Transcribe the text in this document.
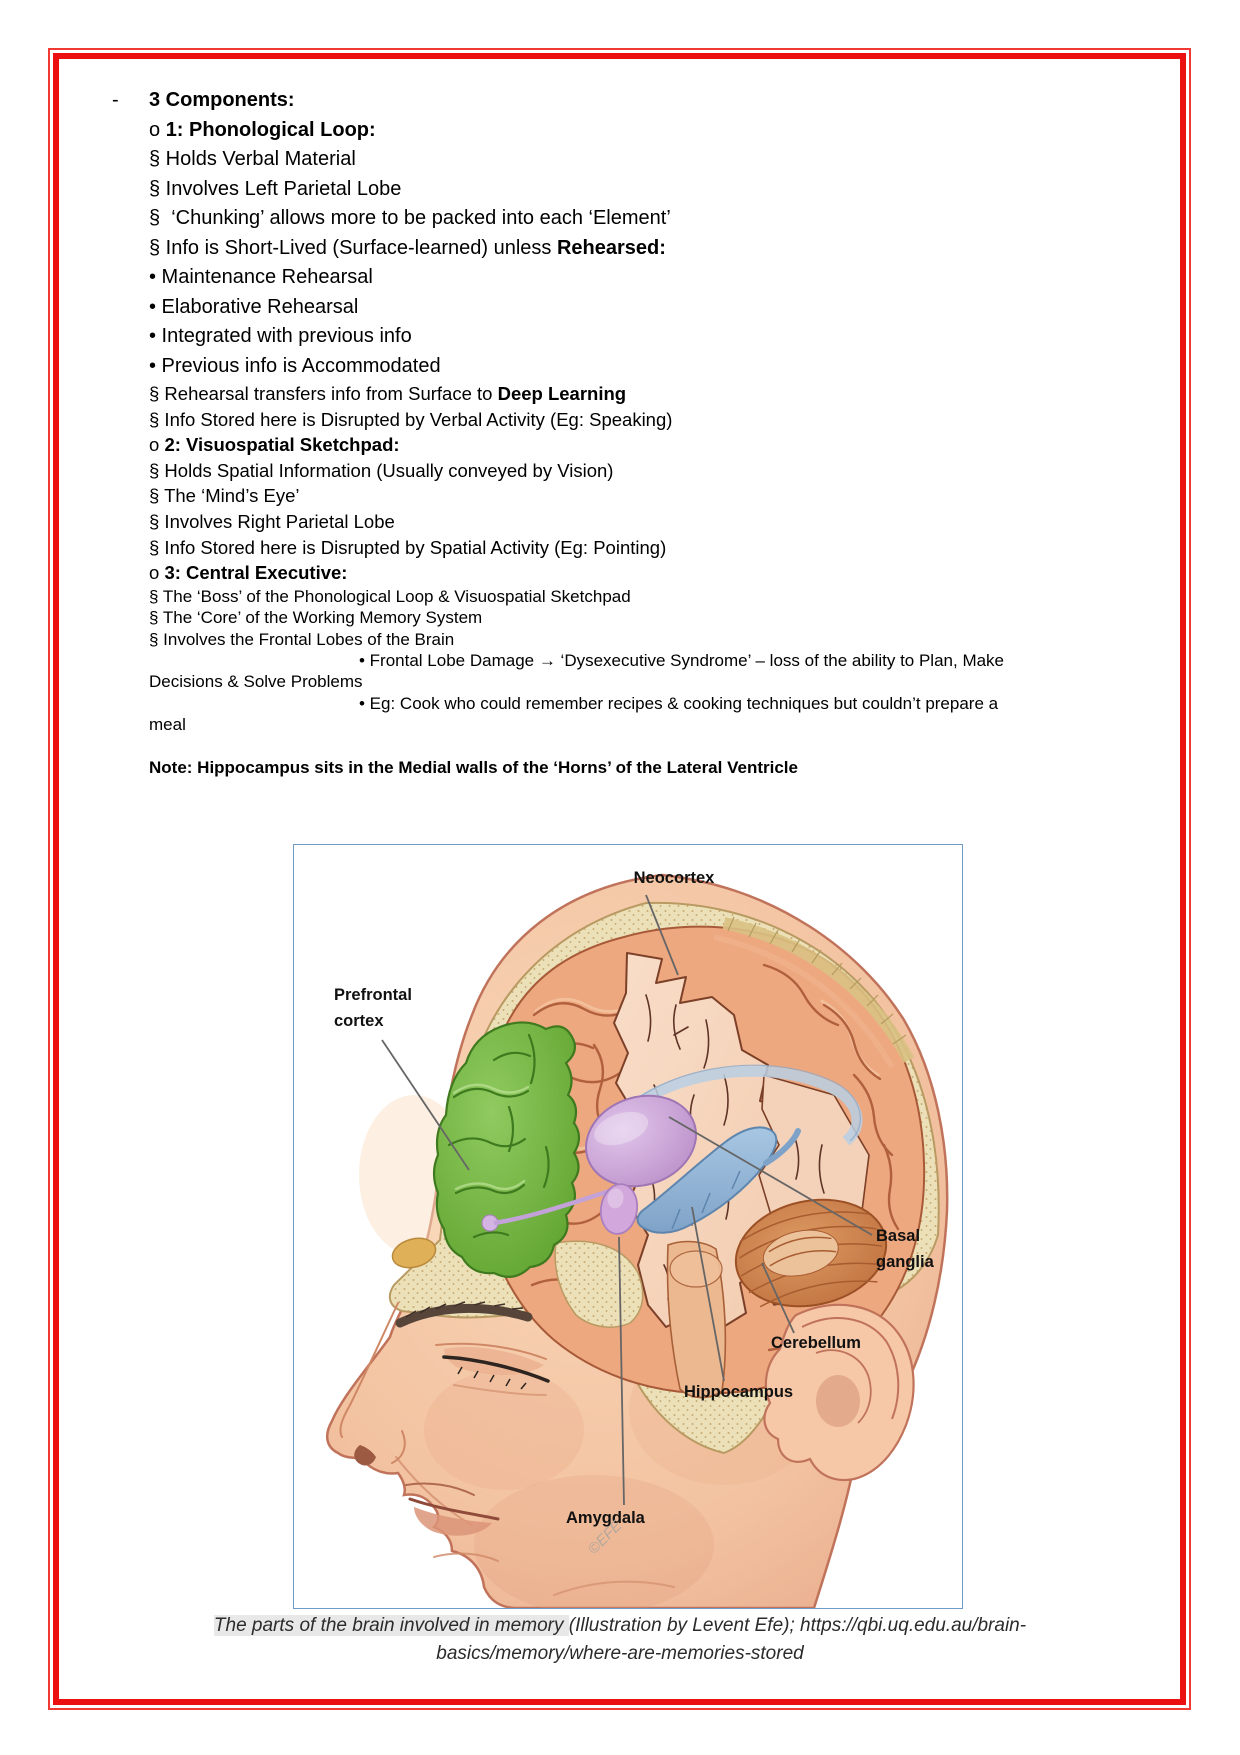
- 3 Components:
o 1: Phonological Loop:
§ Holds Verbal Material
§ Involves Left Parietal Lobe
§  ‘Chunking’ allows more to be packed into each ‘Element’
§ Info is Short-Lived (Surface-learned) unless Rehearsed:
• Maintenance Rehearsal
• Elaborative Rehearsal
• Integrated with previous info
• Previous info is Accommodated
§ Rehearsal transfers info from Surface to Deep Learning
§ Info Stored here is Disrupted by Verbal Activity (Eg: Speaking)
o 2: Visuospatial Sketchpad:
§ Holds Spatial Information (Usually conveyed by Vision)
§ The ‘Mind’s Eye’
§ Involves Right Parietal Lobe
§ Info Stored here is Disrupted by Spatial Activity (Eg: Pointing)
o 3: Central Executive:
§ The ‘Boss’ of the Phonological Loop & Visuospatial Sketchpad
§ The ‘Core’ of the Working Memory System
§ Involves the Frontal Lobes of the Brain
• Frontal Lobe Damage → ‘Dysexecutive Syndrome’ – loss of the ability to Plan, Make
Decisions & Solve Problems
• Eg: Cook who could remember recipes & cooking techniques but couldn’t prepare a
meal

Note: Hippocampus sits in the Medial walls of the ‘Horns’ of the Lateral Ventricle
Neocortex
Prefrontal
cortex
Basal
ganglia
Cerebellum
Hippocampus
Amygdala
©EFE
The parts of the brain involved in memory (Illustration by Levent Efe); https://qbi.uq.edu.au/brain-
basics/memory/where-are-memories-stored
